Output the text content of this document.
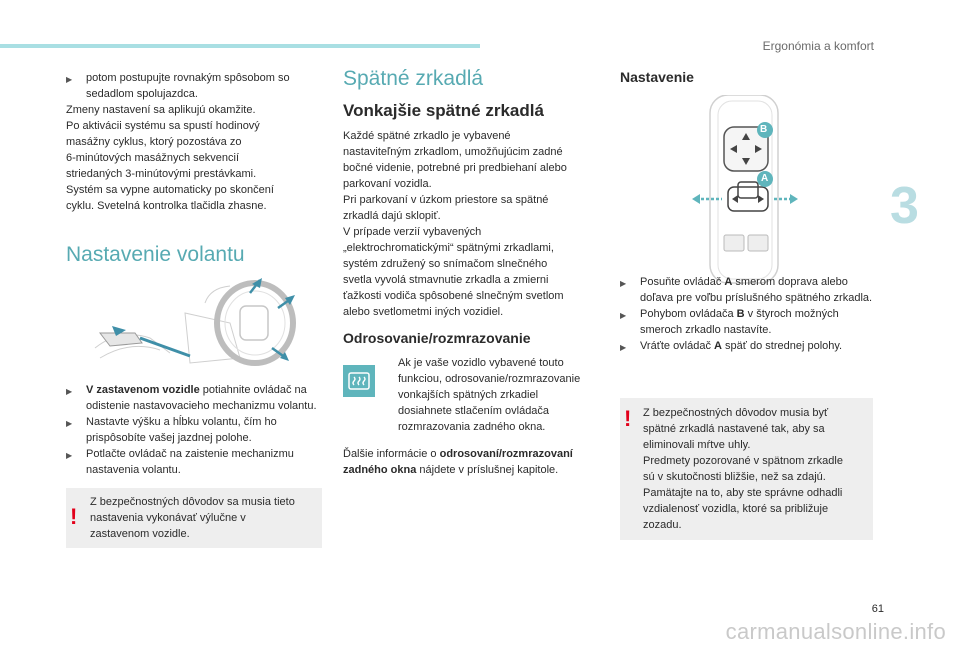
Ergonómia a komfort
3
▶	potom postupujte rovnakým spôsobom so sedadlom spolujazdca.
Zmeny nastavení sa aplikujú okamžite.
Po aktivácii systému sa spustí hodinový
masážny cyklus, ktorý pozostáva zo
6-minútových masážnych sekvencií
striedaných 3-minútovými prestávkami.
Systém sa vypne automaticky po skončení
cyklu. Svetelná kontrolka tlačidla zhasne.
Nastavenie volantu
▶	V zastavenom vozidle potiahnite ovládač na odistenie nastavovacieho mechanizmu volantu.
▶	Nastavte výšku a hĺbku volantu, čím ho prispôsobíte vašej jazdnej polohe.
▶	Potlačte ovládač na zaistenie mechanizmu nastavenia volantu.
!
Z bezpečnostných dôvodov sa musia tieto nastavenia vykonávať výlučne v zastavenom vozidle.
Spätné zrkadlá
Vonkajšie spätné zrkadlá
Každé spätné zrkadlo je vybavené
nastaviteľným zrkadlom, umožňujúcim zadné
bočné videnie, potrebné pri predbiehaní alebo
parkovaní vozidla.
Pri parkovaní v úzkom priestore sa spätné
zrkadlá dajú sklopiť.
V prípade verzií vybavených
„elektrochromatickými“ spätnými zrkadlami,
systém združený so snímačom slnečného
svetla vyvolá stmavnutie zrkadla a zmierni
ťažkosti vodiča spôsobené slnečným svetlom
alebo svetlometmi iných vozidiel.
Odrosovanie/rozmrazovanie
Ak je vaše vozidlo vybavené touto
funkciou, odrosovanie/rozmrazovanie
vonkajších spätných zrkadiel
dosiahnete stlačením ovládača
rozmrazovania zadného okna.
Ďalšie informácie o odrosovaní/rozmrazovaní zadného okna nájdete v príslušnej kapitole.
Nastavenie
B
A
▶	Posuňte ovládač A smerom doprava alebo doľava pre voľbu príslušného spätného zrkadla.
▶	Pohybom ovládača B v štyroch možných smeroch zrkadlo nastavíte.
▶	Vráťte ovládač A späť do strednej polohy.
! Z bezpečnostných dôvodov musia byť
spätné zrkadlá nastavené tak, aby sa
eliminovali mŕtve uhly.
Predmety pozorované v spätnom zrkadle
sú v skutočnosti bližšie, než sa zdajú.
Pamätajte na to, aby ste správne odhadli
vzdialenosť vozidla, ktoré sa približuje
zozadu.
61
carmanualsonline.info
